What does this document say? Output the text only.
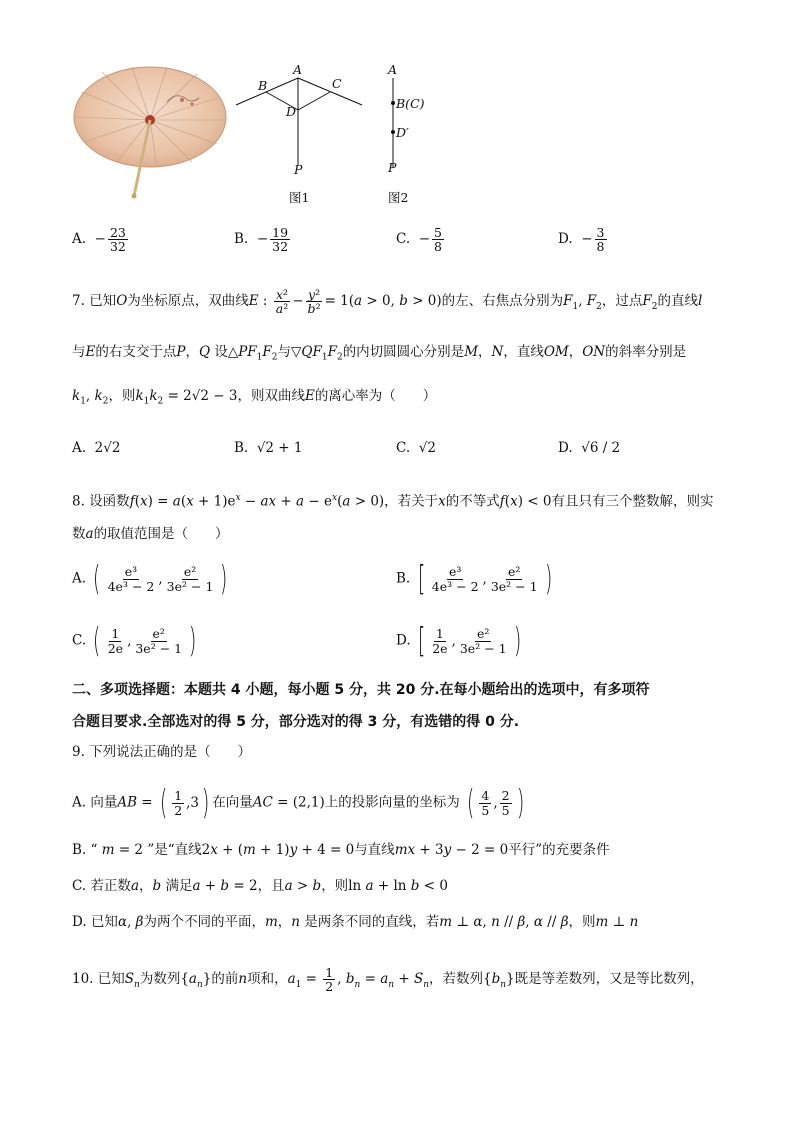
A
B	C
D
P
图1
A
B(C)
D′
P
图2
A. − $\frac{23}{32}$	B. − $\frac{19}{32}$	C. − $\frac{5}{8}$	D. − $\frac{3}{8}$
7. 已知O为坐标原点，双曲线E : $\frac{\text{x²}}{\text{a²}} - \frac{\text{y²}}{\text{b²}} = 1(a > 0$, b > 0)的左、右焦点分别为$F_1$, $F_2$，过点$F_2$的直线l
与E的右支交于点P，Q 设$\triangle PF_1F_2$与$▽QF_1F_2$的内切圆圆心分别是M，N，直线OM，ON的斜率分别是
$k_1$, $k_2$，则$k_1k_2 = 2√2 - 3$，则双曲线E的离心率为（　　）
A. 2√2	B. √2 + 1	C. √2	D. √6 / 2
8. 设函数$f(x) = a(x + 1)e^x$ − ax + $a - e^x(a > 0)$，若关于x的不等式f(x) < 0有且只有三个整数解，则实
数a的取值范围是（　　）
A. ( $\frac{\text{e³}}{\text{4e³ − 2}}$ , $\frac{\text{e²}}{\text{3e² − 1}}$ )	B. [ $\frac{\text{e³}}{\text{4e³ − 2}}$ , $\frac{\text{e²}}{\text{3e² − 1}}$ )
C. ( $\frac{1}{2e}$ , $\frac{\text{e²}}{\text{3e² − 1}}$ )	D. [ $\frac{1}{2e}$ , $\frac{\text{e²}}{\text{3e² − 1}}$ )
二、多项选择题：本题共 4 小题，每小题 5 分，共 20 分.在每小题给出的选项中，有多项符
合题目要求.全部选对的得 5 分，部分选对的得 3 分，有选错的得 0 分.
9. 下列说法正确的是（　　）
A. 向量AB = ( $\frac{1}{2} ,3$ ) 在向量AC = (2,1)上的投影向量的坐标为 ( $\frac{4}{5}$ , $\frac{2}{5}$ )
B. “ m = 2 ”是“直线2x + (m + 1)y + 4 = 0与直线mx + 3y − 2 = 0平行”的充要条件
C. 若正数a，b 满足a + b = 2，且a > b，则ln a + ln b < 0
D. 已知α, β为两个不同的平面，m，n 是两条不同的直线，若m ⊥ α, n // β, α // β，则m ⊥ n
10. 已知$S_n$为数列$\{a_n\}$的前n项和，$a_1 = \frac{1}{2}$ , $b_n = a_n + S_n$，若数列$\{b_n\}$既是等差数列，又是等比数列，
